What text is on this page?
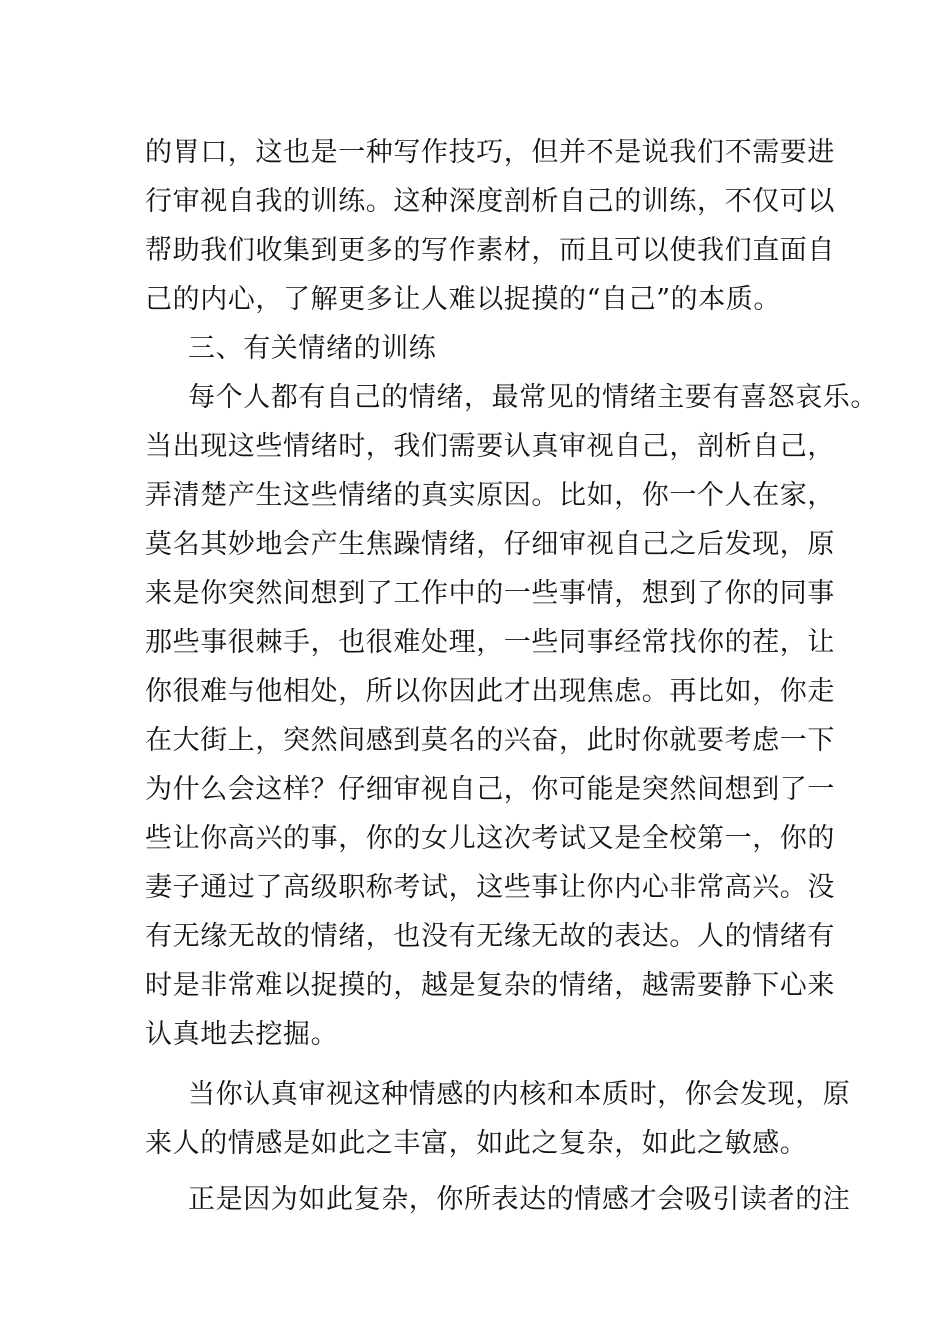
的胃口，这也是一种写作技巧，但并不是说我们不需要进

行审视自我的训练。这种深度剖析自己的训练，不仅可以

帮助我们收集到更多的写作素材，而且可以使我们直面自

己的内心，了解更多让人难以捉摸的“自己”的本质。

三、有关情绪的训练

每个人都有自己的情绪，最常见的情绪主要有喜怒哀乐。

当出现这些情绪时，我们需要认真审视自己，剖析自己，

弄清楚产生这些情绪的真实原因。比如，你一个人在家，

莫名其妙地会产生焦躁情绪，仔细审视自己之后发现，原

来是你突然间想到了工作中的一些事情，想到了你的同事

那些事很棘手，也很难处理，一些同事经常找你的茬，让

你很难与他相处，所以你因此才出现焦虑。再比如，你走

在大街上，突然间感到莫名的兴奋，此时你就要考虑一下

为什么会这样？仔细审视自己，你可能是突然间想到了一

些让你高兴的事，你的女儿这次考试又是全校第一，你的

妻子通过了高级职称考试，这些事让你内心非常高兴。没

有无缘无故的情绪，也没有无缘无故的表达。人的情绪有

时是非常难以捉摸的，越是复杂的情绪，越需要静下心来

认真地去挖掘。

当你认真审视这种情感的内核和本质时，你会发现，原

来人的情感是如此之丰富，如此之复杂，如此之敏感。

正是因为如此复杂，你所表达的情感才会吸引读者的注
